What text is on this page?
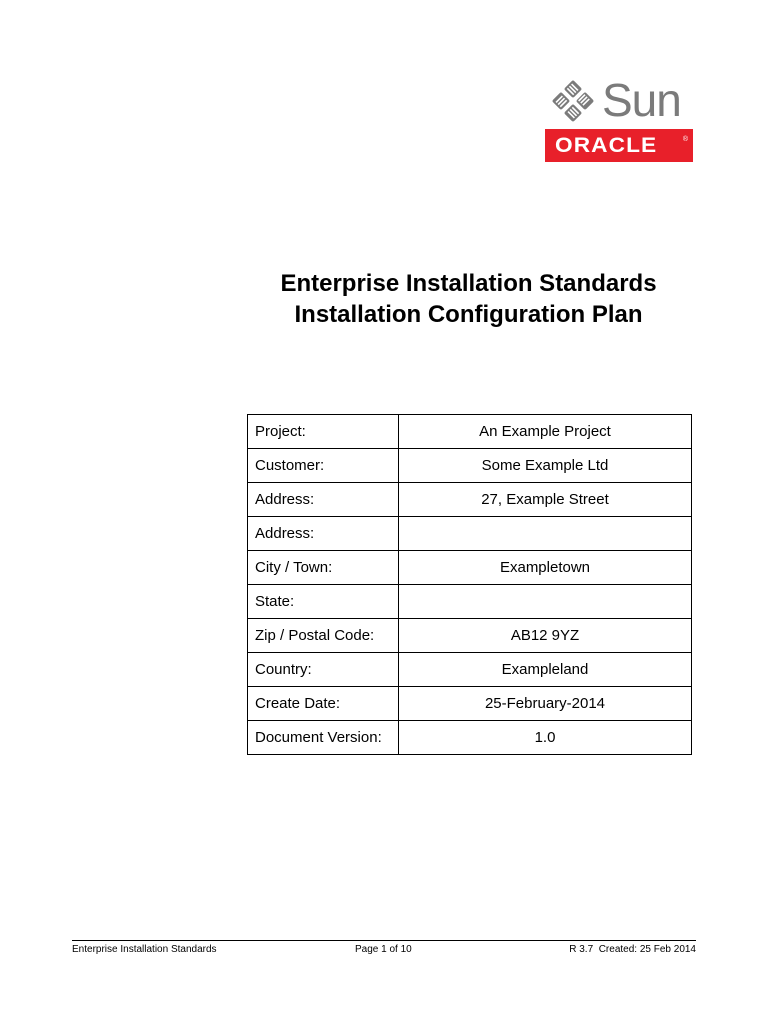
Sun
ORACLE	®

Enterprise Installation Standards

Installation Configuration Plan

Project:	An Example Project
Customer:	Some Example Ltd
Address:	27, Example Street
Address:	
City / Town:	Exampletown
State:	
Zip / Postal Code:	AB12 9YZ
Country:	Exampleland
Create Date:	25-February-2014
Document Version:	1.0
Enterprise Installation Standards	Page 1 of 10	R 3.7  Created: 25 Feb 2014
